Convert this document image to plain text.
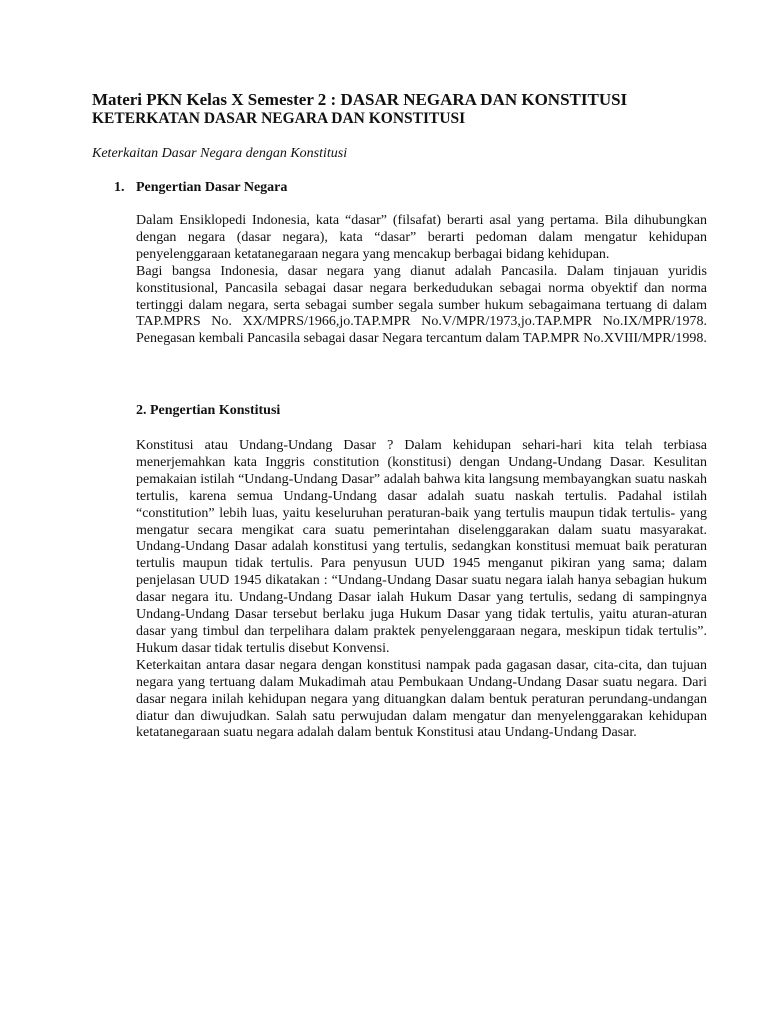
Materi PKN Kelas X Semester 2 : DASAR NEGARA DAN KONSTITUSI
KETERKATAN DASAR NEGARA DAN KONSTITUSI
Keterkaitan Dasar Negara dengan Konstitusi
1. Pengertian Dasar Negara

Dalam Ensiklopedi Indonesia, kata “dasar” (filsafat) berarti asal yang pertama. Bila dihubungkan dengan negara (dasar negara), kata “dasar” berarti pedoman dalam mengatur kehidupan penyelenggaraan ketatanegaraan negara yang mencakup berbagai bidang kehidupan.

Bagi bangsa Indonesia, dasar negara yang dianut adalah Pancasila. Dalam tinjauan yuridis konstitusional, Pancasila sebagai dasar negara berkedudukan sebagai norma obyektif dan norma tertinggi dalam negara, serta sebagai sumber segala sumber hukum sebagaimana tertuang di dalam TAP.MPRS No. XX/MPRS/1966,jo.TAP.MPR No.V/MPR/1973,jo.TAP.MPR No.IX/MPR/1978. Penegasan kembali Pancasila sebagai dasar Negara tercantum dalam TAP.MPR No.XVIII/MPR/1998.

2. Pengertian Konstitusi

Konstitusi atau Undang-Undang Dasar ? Dalam kehidupan sehari-hari kita telah terbiasa menerjemahkan kata Inggris constitution (konstitusi) dengan Undang-Undang Dasar. Kesulitan pemakaian istilah “Undang-Undang Dasar” adalah bahwa kita langsung membayangkan suatu naskah tertulis, karena semua Undang-Undang dasar adalah suatu naskah tertulis. Padahal istilah “constitution” lebih luas, yaitu keseluruhan peraturan-baik yang tertulis maupun tidak tertulis- yang mengatur secara mengikat cara suatu pemerintahan diselenggarakan dalam suatu masyarakat. Undang-Undang Dasar adalah konstitusi yang tertulis, sedangkan konstitusi memuat baik peraturan tertulis maupun tidak tertulis. Para penyusun UUD 1945 menganut pikiran yang sama; dalam penjelasan UUD 1945 dikatakan : “Undang-Undang Dasar suatu negara ialah hanya sebagian hukum dasar negara itu. Undang-Undang Dasar ialah Hukum Dasar yang tertulis, sedang di sampingnya Undang-Undang Dasar tersebut berlaku juga Hukum Dasar yang tidak tertulis, yaitu aturan-aturan dasar yang timbul dan terpelihara dalam praktek penyelenggaraan negara, meskipun tidak tertulis”. Hukum dasar tidak tertulis disebut Konvensi.

Keterkaitan antara dasar negara dengan konstitusi nampak pada gagasan dasar, cita-cita, dan tujuan negara yang tertuang dalam Mukadimah atau Pembukaan Undang-Undang Dasar suatu negara. Dari dasar negara inilah kehidupan negara yang dituangkan dalam bentuk peraturan perundang-undangan diatur dan diwujudkan. Salah satu perwujudan dalam mengatur dan menyelenggarakan kehidupan ketatanegaraan suatu negara adalah dalam bentuk Konstitusi atau Undang-Undang Dasar.
